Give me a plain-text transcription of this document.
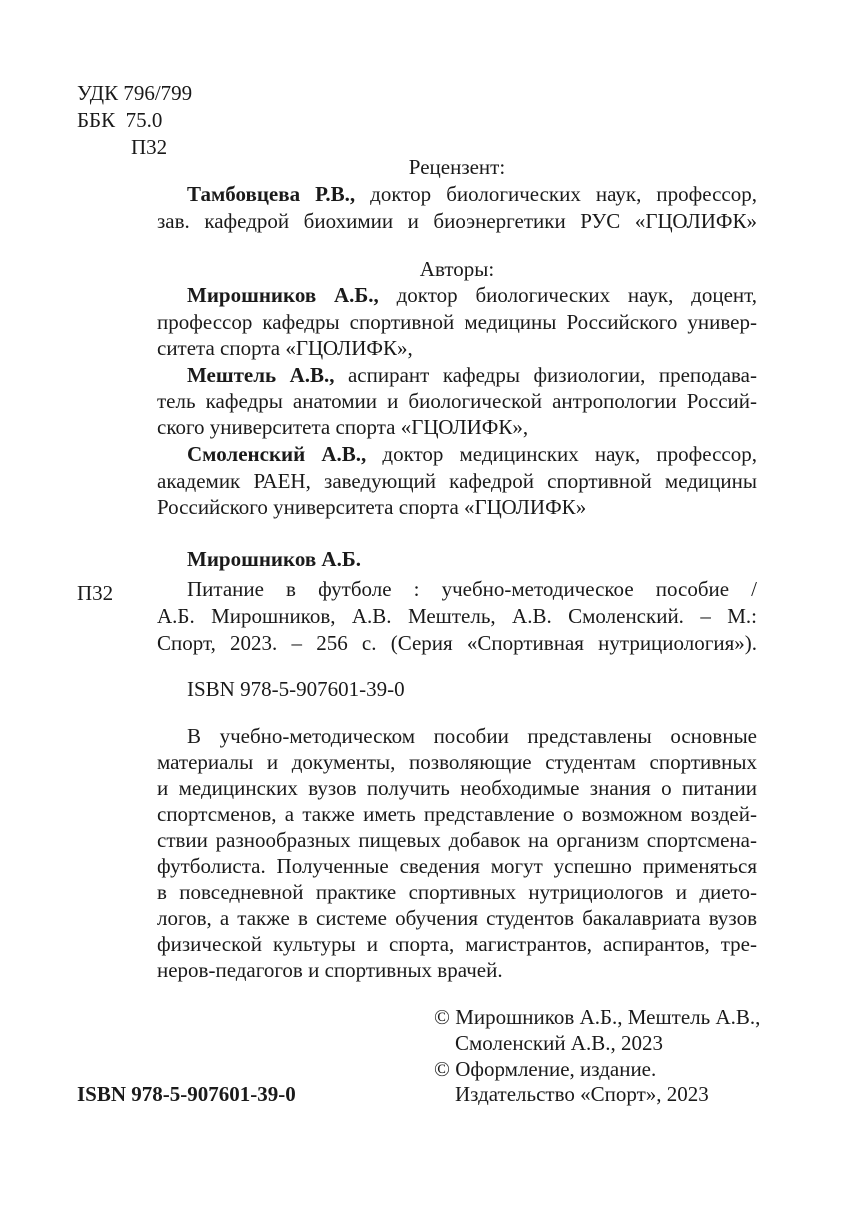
УДК 796/799
ББК  75.0
П32
Рецензент:
Тамбовцева Р.В., доктор биологических наук, профессор,
зав. кафедрой биохимии и биоэнергетики РУС «ГЦОЛИФК»
Авторы:
Мирошников А.Б., доктор биологических наук, доцент,
профессор кафедры спортивной медицины Российского универ-
ситета спорта «ГЦОЛИФК»,
Мештель А.В., аспирант кафедры физиологии, преподава-
тель кафедры анатомии и биологической антропологии Россий-
ского университета спорта «ГЦОЛИФК»,
Смоленский А.В., доктор медицинских наук, профессор,
академик РАЕН, заведующий кафедрой спортивной медицины
Российского университета спорта «ГЦОЛИФК»
Мирошников А.Б.
П32	Питание в футболе : учебно-методическое пособие /
А.Б. Мирошников, А.В. Мештель, А.В. Смоленский. – М.:
Спорт, 2023. – 256 с. (Серия «Спортивная нутрициология»).
ISBN 978-5-907601-39-0
В учебно-методическом пособии представлены основные
материалы и документы, позволяющие студентам спортивных
и медицинских вузов получить необходимые знания о питании
спортсменов, а также иметь представление о возможном воздей-
ствии разнообразных пищевых добавок на организм спортсмена-
футболиста. Полученные сведения могут успешно применяться
в повседневной практике спортивных нутрициологов и дието-
логов, а также в системе обучения студентов бакалавриата вузов
физической культуры и спорта, магистрантов, аспирантов, тре-
неров-педагогов и спортивных врачей.
© Мирошников А.Б., Мештель А.В.,
Смоленский А.В., 2023
© Оформление, издание.
Издательство «Спорт», 2023
ISBN 978-5-907601-39-0
